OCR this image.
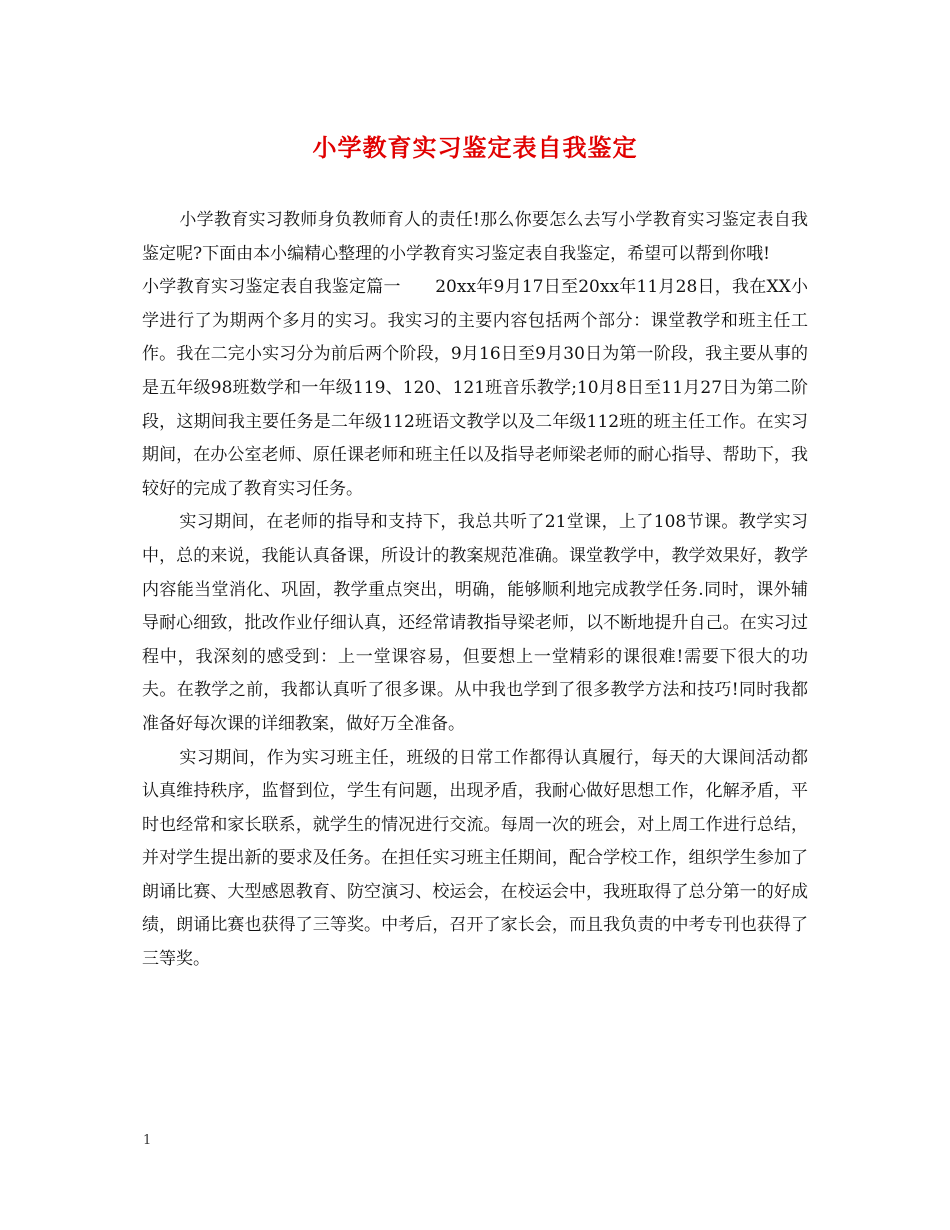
小学教育实习鉴定表自我鉴定

小学教育实习教师身负教师育人的责任!那么你要怎么去写小学教育实习鉴定表自我鉴定呢?下面由本小编精心整理的小学教育实习鉴定表自我鉴定，希望可以帮到你哦!

小学教育实习鉴定表自我鉴定篇一　　20xx年9月17日至20xx年11月28日，我在XX小学进行了为期两个多月的实习。我实习的主要内容包括两个部分：课堂教学和班主任工作。我在二完小实习分为前后两个阶段，9月16日至9月30日为第一阶段，我主要从事的是五年级98班数学和一年级119、120、121班音乐教学;10月8日至11月27日为第二阶段，这期间我主要任务是二年级112班语文教学以及二年级112班的班主任工作。在实习期间，在办公室老师、原任课老师和班主任以及指导老师梁老师的耐心指导、帮助下，我较好的完成了教育实习任务。

实习期间，在老师的指导和支持下，我总共听了21堂课，上了108节课。教学实习中，总的来说，我能认真备课，所设计的教案规范准确。课堂教学中，教学效果好，教学内容能当堂消化、巩固，教学重点突出，明确，能够顺利地完成教学任务.同时，课外辅导耐心细致，批改作业仔细认真，还经常请教指导梁老师，以不断地提升自己。在实习过程中，我深刻的感受到：上一堂课容易，但要想上一堂精彩的课很难!需要下很大的功夫。在教学之前，我都认真听了很多课。从中我也学到了很多教学方法和技巧!同时我都准备好每次课的详细教案，做好万全准备。

实习期间，作为实习班主任，班级的日常工作都得认真履行，每天的大课间活动都认真维持秩序，监督到位，学生有问题，出现矛盾，我耐心做好思想工作，化解矛盾，平时也经常和家长联系，就学生的情况进行交流。每周一次的班会，对上周工作进行总结，并对学生提出新的要求及任务。在担任实习班主任期间，配合学校工作，组织学生参加了朗诵比赛、大型感恩教育、防空演习、校运会，在校运会中，我班取得了总分第一的好成绩，朗诵比赛也获得了三等奖。中考后，召开了家长会，而且我负责的中考专刊也获得了三等奖。

1
